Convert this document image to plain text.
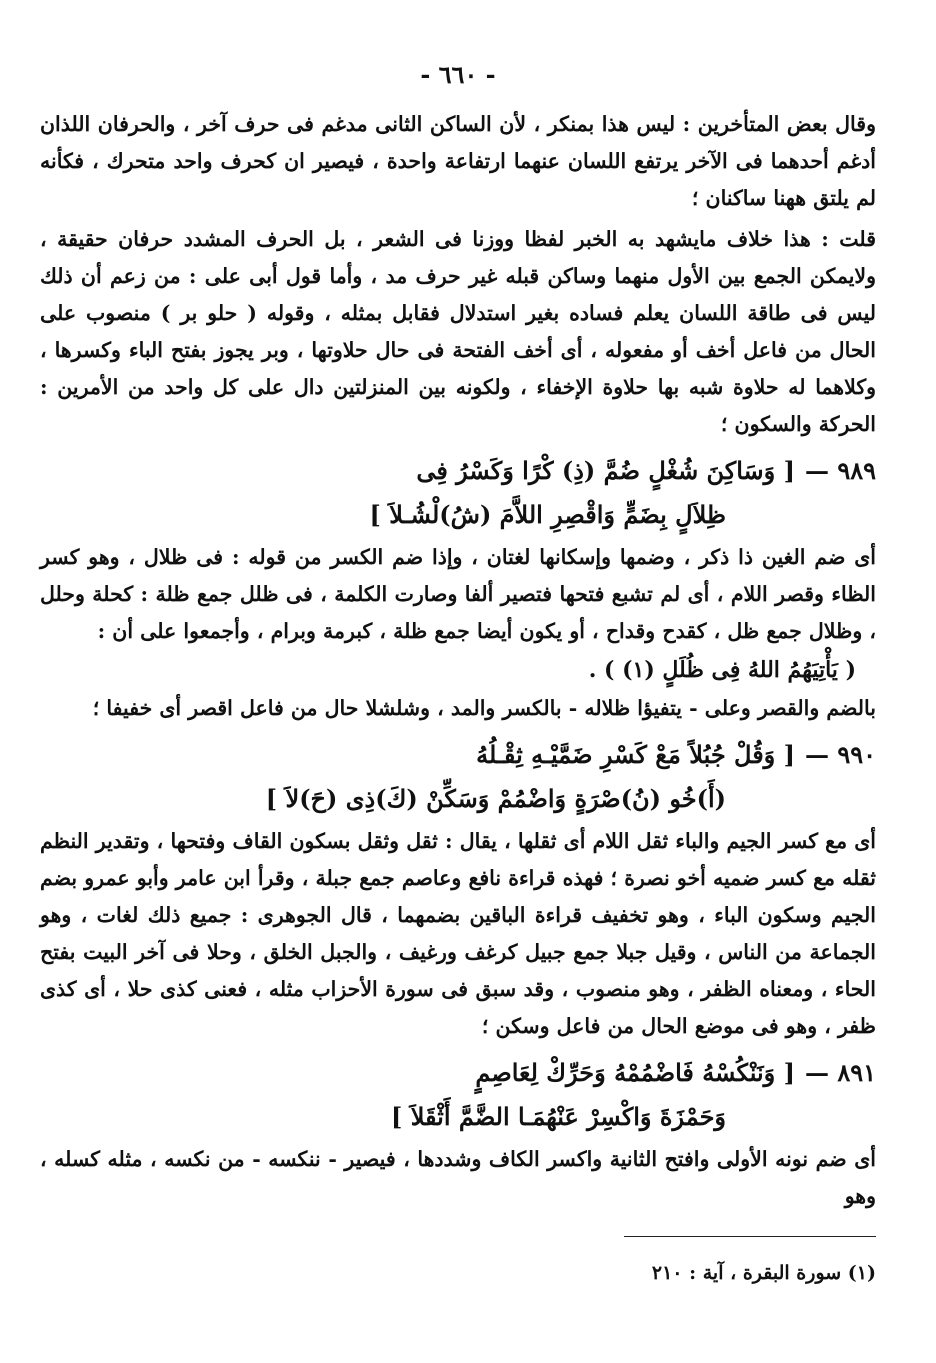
- ٦٦٠ -

وقال بعض المتأخرين : ليس هذا بمنكر ، لأن الساكن الثانى مدغم فى حرف آخر ، والحرفان اللذان أدغم أحدهما فى الآخر يرتفع اللسان عنهما ارتفاعة واحدة ، فيصير ان كحرف واحد متحرك ، فكأنه لم يلتق ههنا ساكنان ؛

قلت : هذا خلاف مايشهد به الخبر لفظا ووزنا فى الشعر ، بل الحرف المشدد حرفان حقيقة ، ولايمكن الجمع بين الأول منهما وساكن قبله غير حرف مد ، وأما قول أبى على : من زعم أن ذلك ليس فى طاقة اللسان يعلم فساده بغير استدلال فقابل بمثله ، وقوله ( حلو بر ) منصوب على الحال من فاعل أخف أو مفعوله ، أى أخف الفتحة فى حال حلاوتها ، وبر يجوز بفتح الباء وكسرها ، وكلاهما له حلاوة شبه بها حلاوة الإخفاء ، ولكونه بين المنزلتين دال على كل واحد من الأمرين : الحركة والسكون ؛

٩٨٩ —[ وَسَاكِنَ شُغْلٍ ضُمَّ (ذِ) كْرًا وَكَسْرُ فِى
ظِلاَلٍ بِضَمٍّ وَاقْصِرِ اللاَّمَ (شُ)لْشُـلاَ ]

أى ضم الغين ذا ذكر ، وضمها وإسكانها لغتان ، وإذا ضم الكسر من قوله : فى ظلال ، وهو كسر الظاء وقصر اللام ، أى لم تشبع فتحها فتصير ألفا وصارت الكلمة ، فى ظلل جمع ظلة : كحلة وحلل ، وظلال جمع ظل ، كقدح وقداح ، أو يكون أيضا جمع ظلة ، كبرمة وبرام ، وأجمعوا على أن :

( يَأْتِيَهُمُ اللهُ فِى ظُلَلٍ (١) ) .

بالضم والقصر وعلى - يتفيؤا ظلاله - بالكسر والمد ، وشلشلا حال من فاعل اقصر أى خفيفا ؛

٩٩٠ —[ وَقُلْ جُبُلاً مَعْ كَسْرِ ضَمَّيْـهِ ثِقْـلُهُ
(أَ)خُو (نُ)صْرَةٍ وَاضْمُمْ وَسَكِّنْ (كَ)ذِى (حَ)لاَ ]

أى مع كسر الجيم والباء ثقل اللام أى ثقلها ، يقال : ثقل وثقل بسكون القاف وفتحها ، وتقدير النظم ثقله مع كسر ضميه أخو نصرة ؛ فهذه قراءة نافع وعاصم جمع جبلة ، وقرأ ابن عامر وأبو عمرو بضم الجيم وسكون الباء ، وهو تخفيف قراءة الباقين بضمهما ، قال الجوهرى : جميع ذلك لغات ، وهو الجماعة من الناس ، وقيل جبلا جمع جبيل كرغف ورغيف ، والجبل الخلق ، وحلا فى آخر البيت بفتح الحاء ، ومعناه الظفر ، وهو منصوب ، وقد سبق فى سورة الأحزاب مثله ، فعنى كذى حلا ، أى كذى ظفر ، وهو فى موضع الحال من فاعل وسكن ؛

٨٩١ —[ وَنَنْكُسْهُ فَاضْمُمْهُ وَحَرِّكْ لِعَاصِمٍ
وَحَمْزَةَ وَاكْسِرْ عَنْهُمَـا الضَّمَّ أَثْقَلاَ ]

أى ضم نونه الأولى وافتح الثانية واكسر الكاف وشددها ، فيصير - ننكسه - من نكسه ، مثله كسله ، وهو

(١) سورة البقرة ، آية : ٢١٠
